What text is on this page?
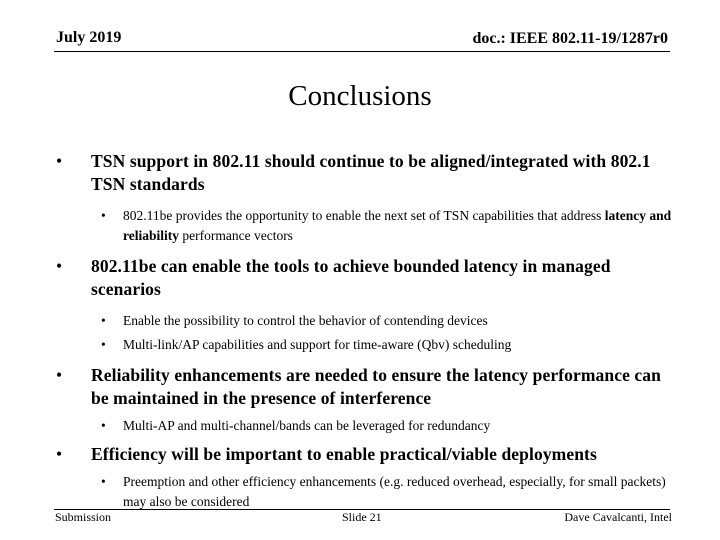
July 2019	doc.: IEEE 802.11-19/1287r0
Conclusions
• TSN support in 802.11 should continue to be aligned/integrated with 802.1 TSN standards
• 802.11be provides the opportunity to enable the next set of TSN capabilities that address latency and reliability performance vectors
• 802.11be can enable the tools to achieve bounded latency in managed scenarios
• Enable the possibility to control the behavior of contending devices
• Multi-link/AP capabilities and support for time-aware (Qbv) scheduling
• Reliability enhancements are needed to ensure the latency performance can be maintained in the presence of interference
• Multi-AP and multi-channel/bands can be leveraged for redundancy
• Efficiency will be important to enable practical/viable deployments
• Preemption and other efficiency enhancements (e.g. reduced overhead, especially, for small packets) may also be considered
Submission	Slide 21	Dave Cavalcanti, Intel
